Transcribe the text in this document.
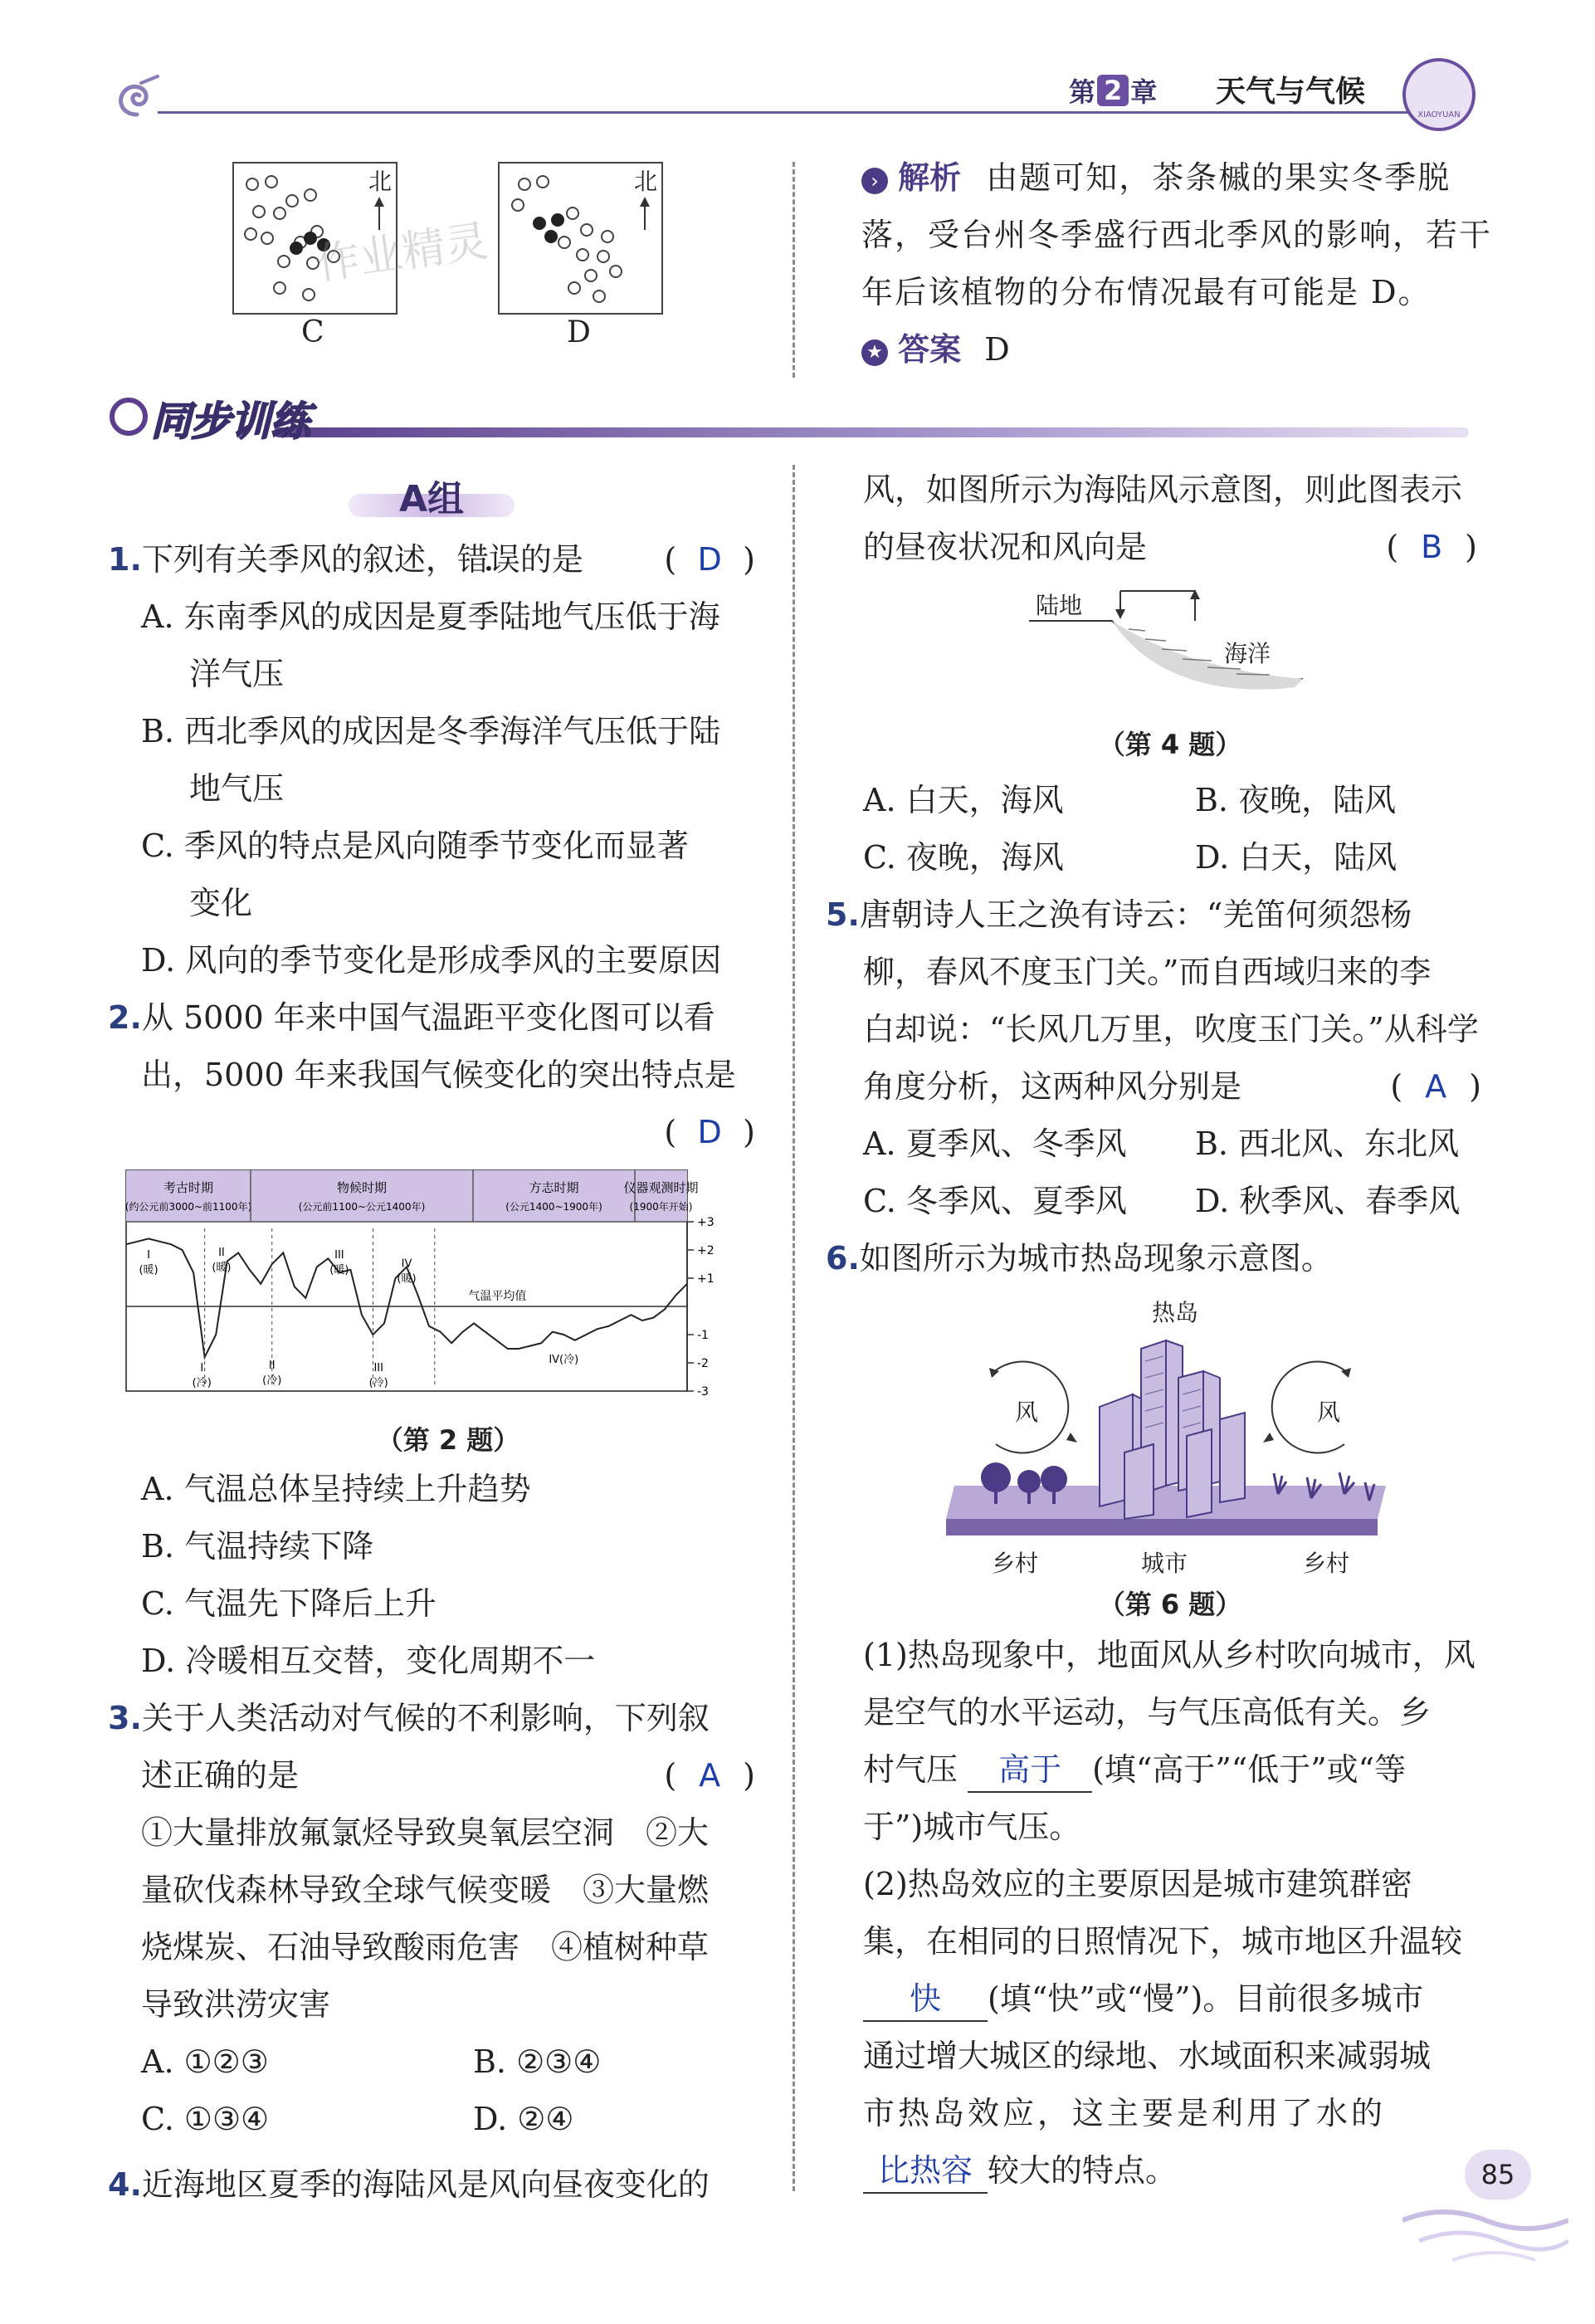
第 2 章 天气与气候
XIAOYUAN
北
C
北
D
作业精灵
› 解析 由题可知，茶条槭的果实冬季脱
落，受台州冬季盛行西北季风的影响，若干
年后该植物的分布情况最有可能是 D。
★ 答案 D
同步训练
A组
1.下列有关季风的叙述，错误的是	( D )
A. 东南季风的成因是夏季陆地气压低于海
洋气压
B. 西北季风的成因是冬季海洋气压低于陆
地气压
C. 季风的特点是风向随季节变化而显著
变化
D. 风向的季节变化是形成季风的主要原因
2.从 5000 年来中国气温距平变化图可以看
出，5000 年来我国气候变化的突出特点是
( D )
考古时期
(约公元前3000~前1100年)
物候时期
(公元前1100~公元1400年)
方志时期
(公元1400~1900年)
仪器观测时期
(1900年开始)
气温平均值
+3
+2
+1
-1
-2
-3
I
(暖)
II
(暖)
III
(暖)
IV
(暖)
I
(冷)
II
(冷)
III
(冷)
IV(冷)
（第 2 题）
A. 气温总体呈持续上升趋势
B. 气温持续下降
C. 气温先下降后上升
D. 冷暖相互交替，变化周期不一
3.关于人类活动对气候的不利影响，下列叙
述正确的是	( A )
①大量排放氟氯烃导致臭氧层空洞　②大
量砍伐森林导致全球气候变暖　③大量燃
烧煤炭、石油导致酸雨危害　④植树种草
导致洪涝灾害
A. ①②③	B. ②③④
C. ①③④	D. ②④
4.近海地区夏季的海陆风是风向昼夜变化的
风，如图所示为海陆风示意图，则此图表示
的昼夜状况和风向是	( B )
陆地
海洋
（第 4 题）
A. 白天，海风	B. 夜晚，陆风
C. 夜晚，海风	D. 白天，陆风
5.唐朝诗人王之涣有诗云：“羌笛何须怨杨
柳，春风不度玉门关。”而自西域归来的李
白却说：“长风几万里，吹度玉门关。”从科学
角度分析，这两种风分别是	( A )
A. 夏季风、冬季风	B. 西北风、东北风
C. 冬季风、夏季风	D. 秋季风、春季风
6.如图所示为城市热岛现象示意图。
热岛
风	风
乡村	城市	乡村
（第 6 题）
(1)热岛现象中，地面风从乡村吹向城市，风
是空气的水平运动，与气压高低有关。乡
村气压 高于 (填“高于”“低于”或“等
于”)城市气压。
(2)热岛效应的主要原因是城市建筑群密
集，在相同的日照情况下，城市地区升温较
快 (填“快”或“慢”)。目前很多城市
通过增大城区的绿地、水域面积来减弱城
市热岛效应，这主要是利用了水的
比热容 较大的特点。	85
